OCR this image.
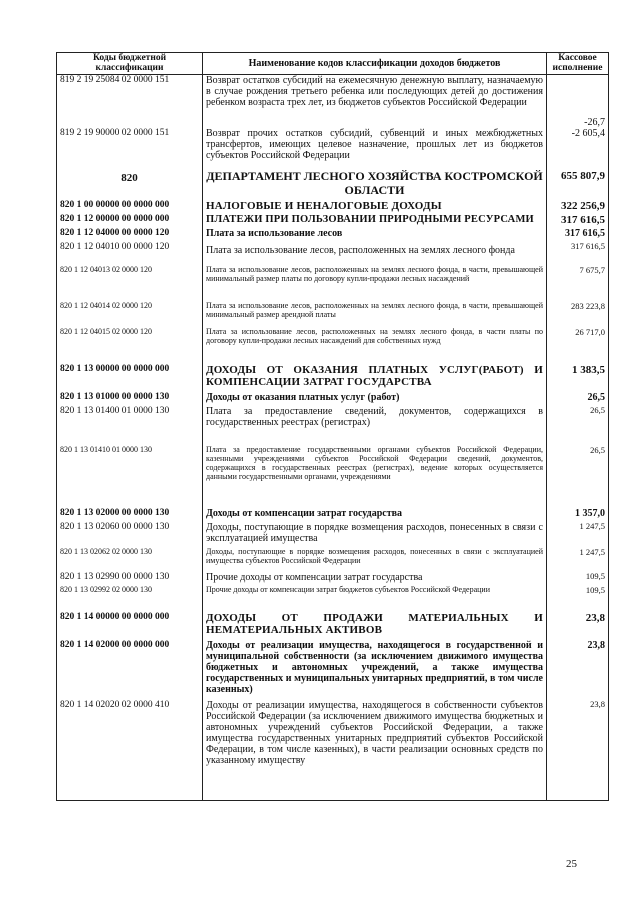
Коды бюджетной классификации	Наименование кодов классификации доходов бюджетов	Кассовое исполнение
819 2 19 25084 02 0000 151	Возврат остатков субсидий на ежемесячную денежную выплату, назначаемую в случае рождения третьего ребенка или последующих детей до достижения ребенком возраста трех лет, из бюджетов субъектов Российской Федерации	-26,7
819 2 19 90000 02 0000 151	Возврат прочих остатков субсидий, субвенций и иных межбюджетных трансфертов, имеющих целевое назначение, прошлых лет из бюджетов субъектов Российской Федерации	-2 605,4
820	ДЕПАРТАМЕНТ ЛЕСНОГО ХОЗЯЙСТВА КОСТРОМСКОЙ ОБЛАСТИ	655 807,9
820 1 00 00000 00 0000 000	НАЛОГОВЫЕ И НЕНАЛОГОВЫЕ ДОХОДЫ	322 256,9
820 1 12 00000 00 0000 000	ПЛАТЕЖИ ПРИ ПОЛЬЗОВАНИИ ПРИРОДНЫМИ РЕСУРСАМИ	317 616,5
820 1 12 04000 00 0000 120	Плата за использование лесов	317 616,5
820 1 12 04010 00 0000 120	Плата за использование лесов, расположенных на землях лесного фонда	317 616,5
820 1 12 04013 02 0000 120	Плата за использование лесов, расположенных на землях лесного фонда, в части, превышающей минимальный размер платы по договору купли-продажи лесных насаждений	7 675,7
820 1 12 04014 02 0000 120	Плата за использование лесов, расположенных на землях лесного фонда, в части, превышающей минимальный размер арендной платы	283 223,8
820 1 12 04015 02 0000 120	Плата за использование лесов, расположенных на землях лесного фонда, в части платы по договору купли-продажи лесных насаждений для собственных нужд	26 717,0
820 1 13 00000 00 0000 000	ДОХОДЫ ОТ ОКАЗАНИЯ ПЛАТНЫХ УСЛУГ(РАБОТ) И КОМПЕНСАЦИИ ЗАТРАТ ГОСУДАРСТВА	1 383,5
820 1 13 01000 00 0000 130	Доходы от оказания платных услуг (работ)	26,5
820 1 13 01400 01 0000 130	Плата за предоставление сведений, документов, содержащихся в государственных реестрах (регистрах)	26,5
820 1 13 01410 01 0000 130	Плата за предоставление государственными органами субъектов Российской Федерации, казенными учреждениями субъектов Российской Федерации сведений, документов, содержащихся в государственных реестрах (регистрах), ведение которых осуществляется данными государственными органами, учреждениями	26,5
820 1 13 02000 00 0000 130	Доходы от компенсации затрат государства	1 357,0
820 1 13 02060 00 0000 130	Доходы, поступающие в порядке возмещения расходов, понесенных в связи с эксплуатацией имущества	1 247,5
820 1 13 02062 02 0000 130	Доходы, поступающие в порядке возмещения расходов, понесенных в связи с эксплуатацией имущества субъектов Российской Федерации	1 247,5
820 1 13 02990 00 0000 130	Прочие доходы от компенсации затрат государства	109,5
820 1 13 02992 02 0000 130	Прочие доходы от компенсации затрат бюджетов субъектов Российской Федерации	109,5
820 1 14 00000 00 0000 000	ДОХОДЫ ОТ ПРОДАЖИ МАТЕРИАЛЬНЫХ И НЕМАТЕРИАЛЬНЫХ АКТИВОВ	23,8
820 1 14 02000 00 0000 000	Доходы от реализации имущества, находящегося в государственной и муниципальной собственности (за исключением движимого имущества бюджетных и автономных учреждений, а также имущества государственных и муниципальных унитарных предприятий, в том числе казенных)	23,8
820 1 14 02020 02 0000 410	Доходы от реализации имущества, находящегося в собственности субъектов Российской Федерации (за исключением движимого имущества бюджетных и автономных учреждений субъектов Российской Федерации, а также имущества государственных унитарных предприятий субъектов Российской Федерации, в том числе казенных), в части реализации основных средств по указанному имуществу	23,8
25
